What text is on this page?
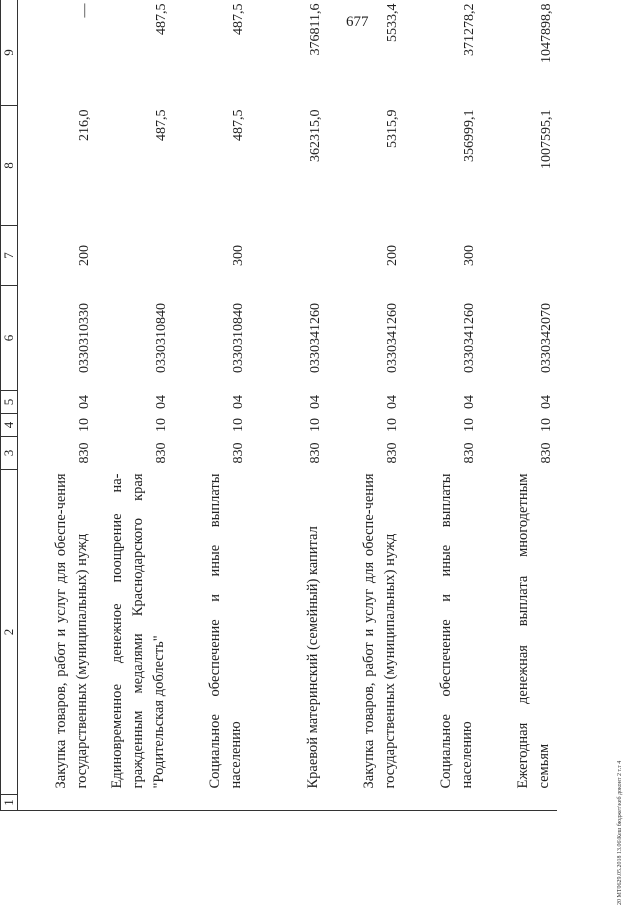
677
20 МТ0629.05.2018 13.06\Кеш бюджет\кеб доконт 2 т.т 4
1	2	3	4	5	6	7	8	9
	Закупка товаров, работ и услуг для обеспе-чения государственных (муниципальных) нужд	830	10	04	0330310330	200	216,0	—
	Единовременное денежное поощрение на-гражденным медалями Краснодарского края "Родительская доблесть"	830	10	04	0330310840		487,5	487,5
	Социальное обеспечение и иные выплаты населению	830	10	04	0330310840	300	487,5	487,5
	Краевой материнский (семейный) капитал	830	10	04	0330341260		362315,0	376811,6
	Закупка товаров, работ и услуг для обеспе-чения государственных (муниципальных) нужд	830	10	04	0330341260	200	5315,9	5533,4
	Социальное обеспечение и иные выплаты населению	830	10	04	0330341260	300	356999,1	371278,2
	Ежегодная денежная выплата многодетным семьям	830	10	04	0330342070		1007595,1	1047898,8
